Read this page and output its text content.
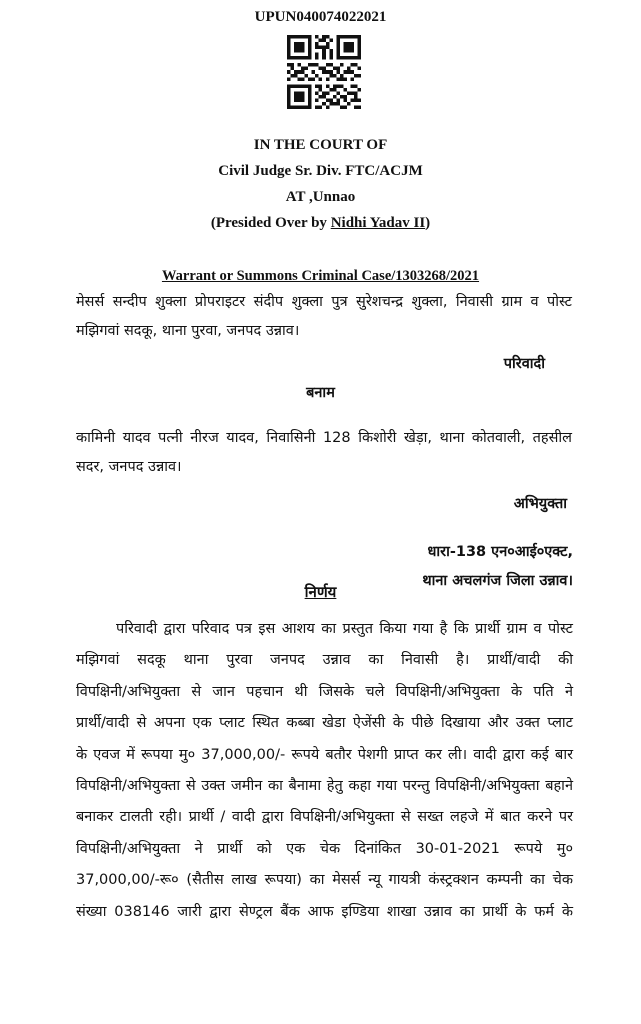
UPUN040074022021
IN THE COURT OF
Civil Judge Sr. Div. FTC/ACJM
AT ,Unnao
(Presided Over by Nidhi Yadav II)
Warrant or Summons Criminal Case/1303268/2021
मेसर्स सन्दीप शुक्ला प्रोपराइटर संदीप शुक्ला पुत्र सुरेशचन्द्र शुक्ला, निवासी ग्राम व पोस्ट
मझिगवां सदकू, थाना पुरवा, जनपद उन्नाव।
परिवादी
बनाम
कामिनी यादव पत्नी नीरज यादव, निवासिनी 128 किशोरी खेड़ा, थाना कोतवाली, तहसील
सदर, जनपद उन्नाव।
अभियुक्ता
धारा-138 एन०आई०एक्ट,
थाना अचलगंज जिला उन्नाव।
निर्णय
परिवादी द्वारा परिवाद पत्र इस आशय का प्रस्तुत किया गया है कि प्रार्थी ग्राम व पोस्ट
मझिगवां सदकू थाना पुरवा जनपद उन्नाव का निवासी है। प्रार्थी/वादी की
विपक्षिनी/अभियुक्ता से जान पहचान थी जिसके चले विपक्षिनी/अभियुक्ता के पति ने
प्रार्थी/वादी से अपना एक प्लाट स्थित कब्बा खेडा ऐजेंसी के पीछे दिखाया और उक्त प्लाट
के एवज में रूपया मु० 37,000,00/- रूपये बतौर पेशगी प्राप्त कर ली। वादी द्वारा कई बार
विपक्षिनी/अभियुक्ता से उक्त जमीन का बैनामा हेतु कहा गया परन्तु विपक्षिनी/अभियुक्ता बहाने
बनाकर टालती रही। प्रार्थी / वादी द्वारा विपक्षिनी/अभियुक्ता से सख्त लहजे में बात करने पर
विपक्षिनी/अभियुक्ता ने प्रार्थी को एक चेक दिनांकित 30-01-2021 रूपये मु०
37,000,00/-रू० (सैतीस लाख रूपया) का मेसर्स न्यू गायत्री कंस्ट्रक्शन कम्पनी का चेक
संख्या 038146 जारी द्वारा सेण्ट्रल बैंक आफ इण्डिया शाखा उन्नाव का प्रार्थी के फर्म के
